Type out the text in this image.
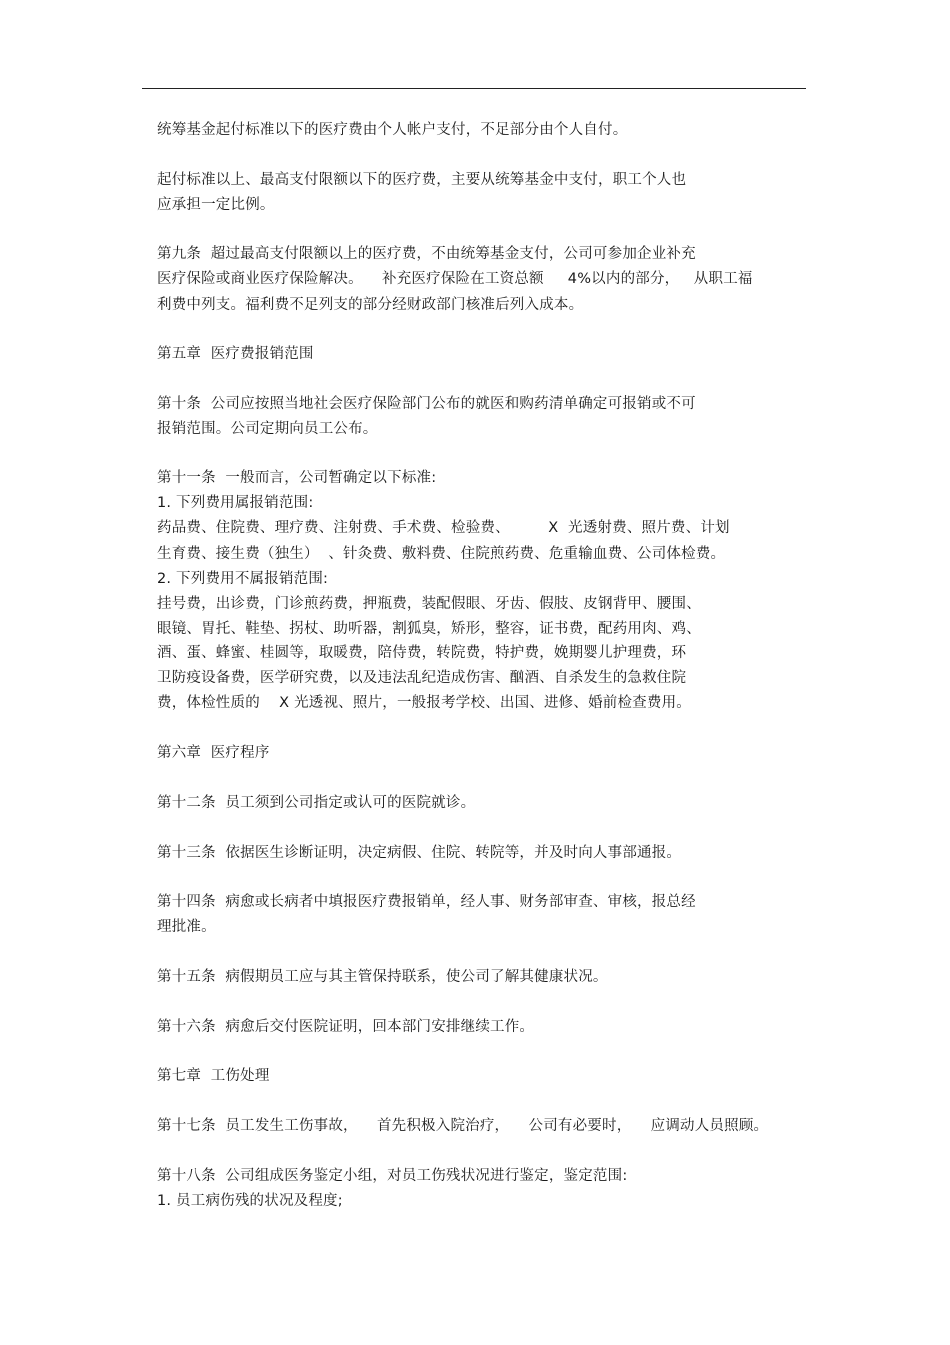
统筹基金起付标准以下的医疗费由个人帐户支付，不足部分由个人自付。
起付标准以上、最高支付限额以下的医疗费，主要从统筹基金中支付，职工个人也
应承担一定比例。
第九条  超过最高支付限额以上的医疗费，不由统筹基金支付，公司可参加企业补充
医疗保险或商业医疗保险解决。    补充医疗保险在工资总额     4%以内的部分，   从职工福
利费中列支。福利费不足列支的部分经财政部门核准后列入成本。
第五章  医疗费报销范围
第十条  公司应按照当地社会医疗保险部门公布的就医和购药清单确定可报销或不可
报销范围。公司定期向员工公布。
第十一条  一般而言，公司暂确定以下标准:
1. 下列费用属报销范围:
药品费、住院费、理疗费、注射费、手术费、检验费、        X  光透射费、照片费、计划
生育费、接生费（独生）  、针灸费、敷料费、住院煎药费、危重输血费、公司体检费。
2. 下列费用不属报销范围:
挂号费，出诊费，门诊煎药费，押瓶费，装配假眼、牙齿、假肢、皮钢背甲、腰围、
眼镜、胃托、鞋垫、拐杖、助听器，割狐臭，矫形，整容，证书费，配药用肉、鸡、
酒、蛋、蜂蜜、桂圆等，取暖费，陪侍费，转院费，特护费，娩期婴儿护理费，环
卫防疫设备费，医学研究费，以及违法乱纪造成伤害、酗酒、自杀发生的急救住院
费，体检性质的    X 光透视、照片，一般报考学校、出国、进修、婚前检查费用。
第六章  医疗程序
第十二条  员工须到公司指定或认可的医院就诊。
第十三条  依据医生诊断证明，决定病假、住院、转院等，并及时向人事部通报。
第十四条  病愈或长病者中填报医疗费报销单，经人事、财务部审查、审核，报总经
理批准。
第十五条  病假期员工应与其主管保持联系，使公司了解其健康状况。
第十六条  病愈后交付医院证明，回本部门安排继续工作。
第七章  工伤处理
第十七条  员工发生工伤事故，    首先积极入院治疗，    公司有必要时，    应调动人员照顾。
第十八条  公司组成医务鉴定小组，对员工伤残状况进行鉴定，鉴定范围:
1. 员工病伤残的状况及程度;
